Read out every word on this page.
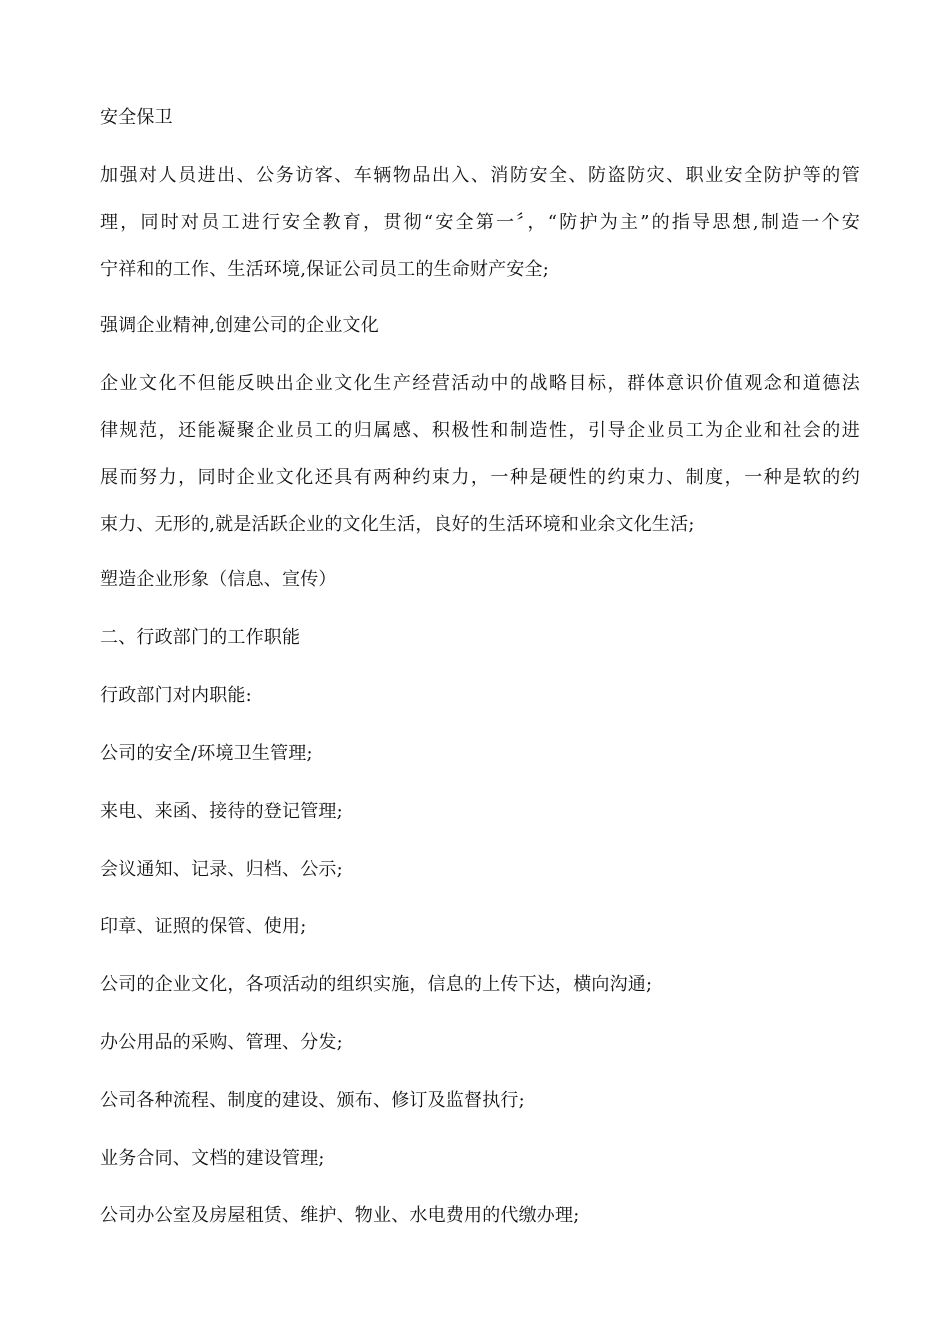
安全保卫
加强对人员进出、公务访客、车辆物品出入、消防安全、防盗防灾、职业安全防护等的管
理，同时对员工进行安全教育，贯彻“安全第一〞，“防护为主”的指导思想,制造一个安
宁祥和的工作、生活环境,保证公司员工的生命财产安全;
强调企业精神,创建公司的企业文化
企业文化不但能反映出企业文化生产经营活动中的战略目标，群体意识价值观念和道德法
律规范，还能凝聚企业员工的归属感、积极性和制造性，引导企业员工为企业和社会的进
展而努力，同时企业文化还具有两种约束力，一种是硬性的约束力、制度，一种是软的约
束力、无形的,就是活跃企业的文化生活，良好的生活环境和业余文化生活;
塑造企业形象（信息、宣传）
二、行政部门的工作职能
行政部门对内职能:
公司的安全/环境卫生管理;
来电、来函、接待的登记管理;
会议通知、记录、归档、公示;
印章、证照的保管、使用;
公司的企业文化，各项活动的组织实施，信息的上传下达，横向沟通;
办公用品的采购、管理、分发;
公司各种流程、制度的建设、颁布、修订及监督执行;
业务合同、文档的建设管理;
公司办公室及房屋租赁、维护、物业、水电费用的代缴办理;
